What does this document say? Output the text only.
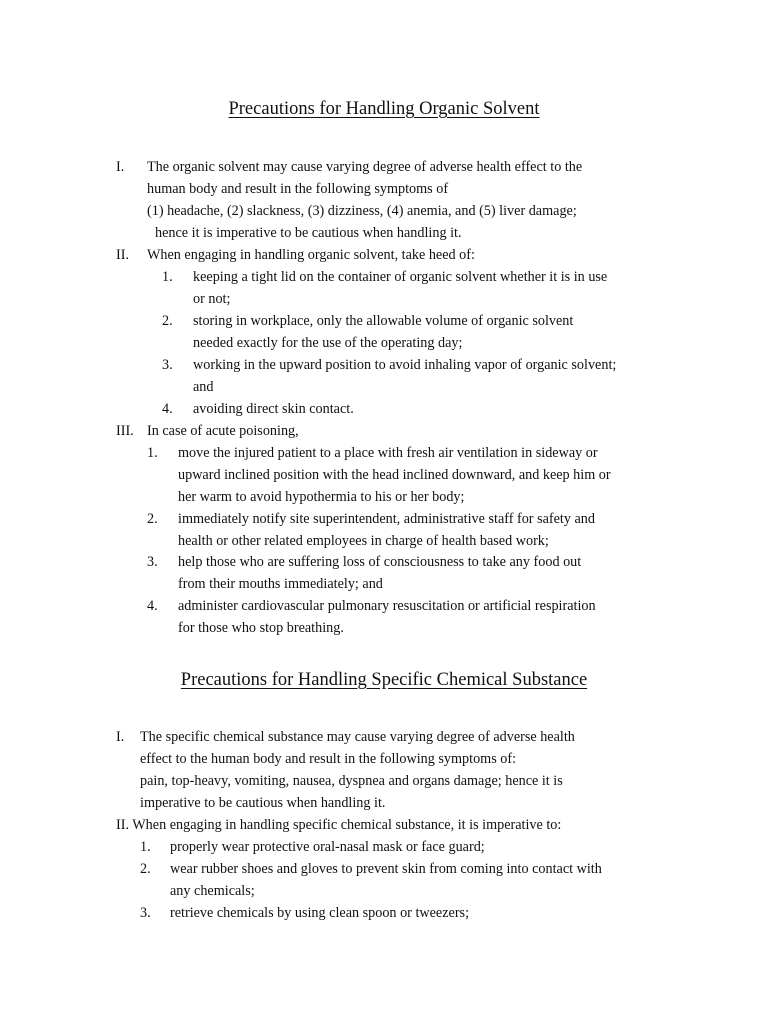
Precautions for Handling Organic Solvent
I. The organic solvent may cause varying degree of adverse health effect to the
human body and result in the following symptoms of
(1) headache, (2) slackness, (3) dizziness, (4) anemia, and (5) liver damage;
hence it is imperative to be cautious when handling it.
II. When engaging in handling organic solvent, take heed of:
1. keeping a tight lid on the container of organic solvent whether it is in use
or not;
2. storing in workplace, only the allowable volume of organic solvent
needed exactly for the use of the operating day;
3. working in the upward position to avoid inhaling vapor of organic solvent;
and
4. avoiding direct skin contact.
III. In case of acute poisoning,
1. move the injured patient to a place with fresh air ventilation in sideway or
upward inclined position with the head inclined downward, and keep him or
her warm to avoid hypothermia to his or her body;
2. immediately notify site superintendent, administrative staff for safety and
health or other related employees in charge of health based work;
3. help those who are suffering loss of consciousness to take any food out
from their mouths immediately; and
4. administer cardiovascular pulmonary resuscitation or artificial respiration
for those who stop breathing.
Precautions for Handling Specific Chemical Substance
I. The specific chemical substance may cause varying degree of adverse health
effect to the human body and result in the following symptoms of:
pain, top-heavy, vomiting, nausea, dyspnea and organs damage; hence it is
imperative to be cautious when handling it.
II. When engaging in handling specific chemical substance, it is imperative to:
1. properly wear protective oral-nasal mask or face guard;
2. wear rubber shoes and gloves to prevent skin from coming into contact with
any chemicals;
3. retrieve chemicals by using clean spoon or tweezers;
